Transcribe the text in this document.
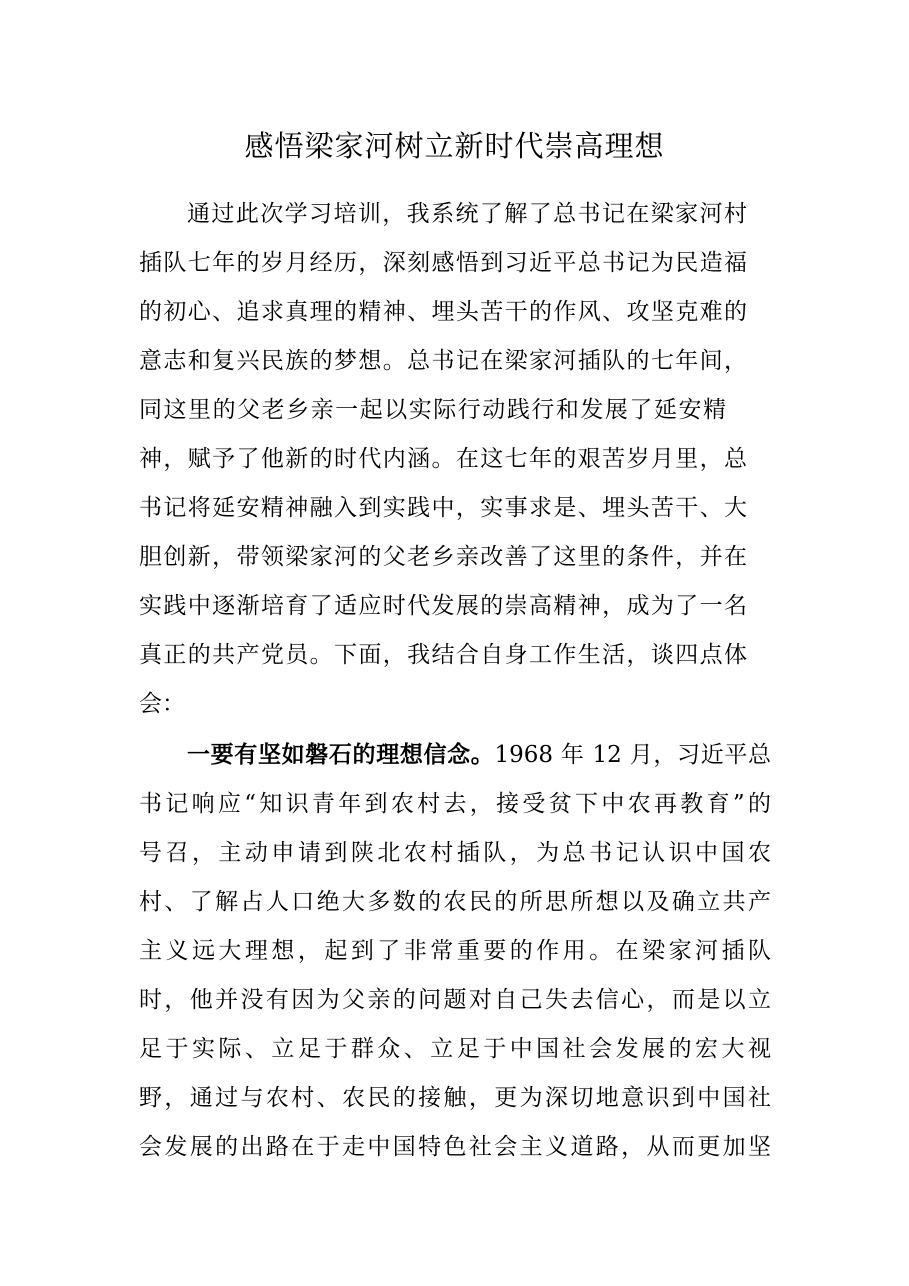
感悟梁家河树立新时代崇高理想
通过此次学习培训，我系统了解了总书记在梁家河村
插队七年的岁月经历，深刻感悟到习近平总书记为民造福
的初心、追求真理的精神、埋头苦干的作风、攻坚克难的
意志和复兴民族的梦想。总书记在梁家河插队的七年间，
同这里的父老乡亲一起以实际行动践行和发展了延安精
神，赋予了他新的时代内涵。在这七年的艰苦岁月里，总
书记将延安精神融入到实践中，实事求是、埋头苦干、大
胆创新，带领梁家河的父老乡亲改善了这里的条件，并在
实践中逐渐培育了适应时代发展的崇高精神，成为了一名
真正的共产党员。下面，我结合自身工作生活，谈四点体
会：
一要有坚如磐石的理想信念。1968 年 12 月，习近平总
书记响应“知识青年到农村去，接受贫下中农再教育”的
号召，主动申请到陕北农村插队，为总书记认识中国农
村、了解占人口绝大多数的农民的所思所想以及确立共产
主义远大理想，起到了非常重要的作用。在梁家河插队
时，他并没有因为父亲的问题对自己失去信心，而是以立
足于实际、立足于群众、立足于中国社会发展的宏大视
野，通过与农村、农民的接触，更为深切地意识到中国社
会发展的出路在于走中国特色社会主义道路，从而更加坚
